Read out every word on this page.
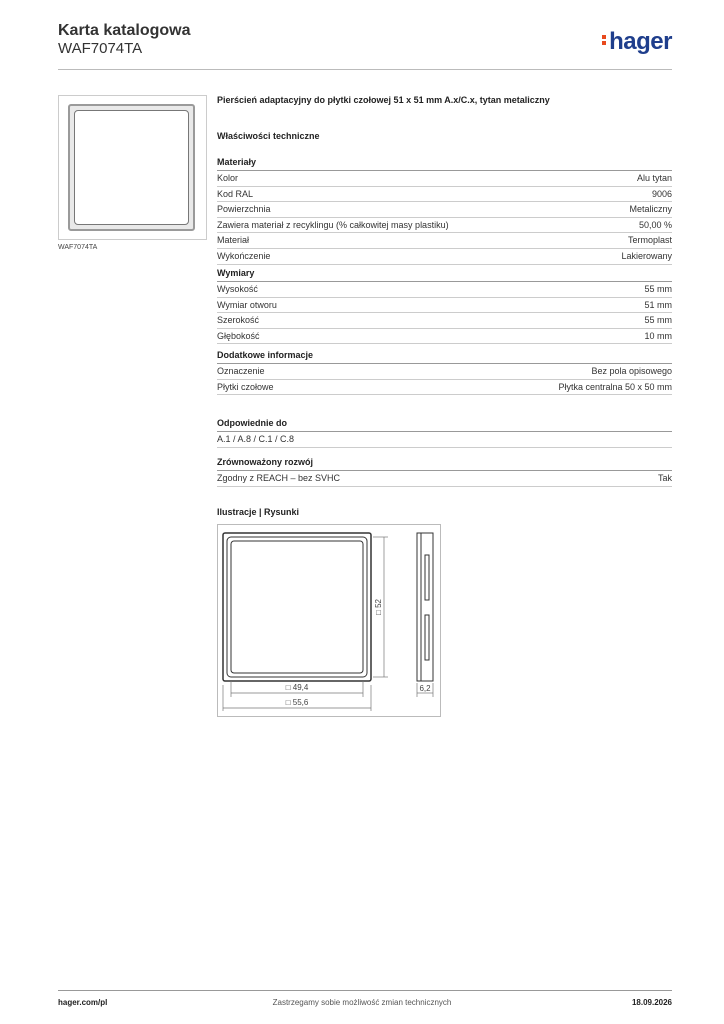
Karta katalogowa
WAF7074TA	hager
WAF7074TA
Pierścień adaptacyjny do płytki czołowej 51 x 51 mm A.x/C.x, tytan metaliczny
Właściwości techniczne
Materiały
Kolor	Alu tytan
Kod RAL	9006
Powierzchnia	Metaliczny
Zawiera materiał z recyklingu (% całkowitej masy plastiku)	50,00 %
Materiał	Termoplast
Wykończenie	Lakierowany
Wymiary
Wysokość	55 mm
Wymiar otworu	51 mm
Szerokość	55 mm
Głębokość	10 mm
Dodatkowe informacje
Oznaczenie	Bez pola opisowego
Płytki czołowe	Płytka centralna 50 x 50 mm
Odpowiednie do
A.1 / A.8 / C.1 / C.8
Zrównoważony rozwój
Zgodny z REACH – bez SVHC	Tak
Ilustracje | Rysunki
□ 49,4
□ 55,6
□ 52
6,2
hager.com/pl	Zastrzegamy sobie możliwość zmian technicznych	18.09.2026
